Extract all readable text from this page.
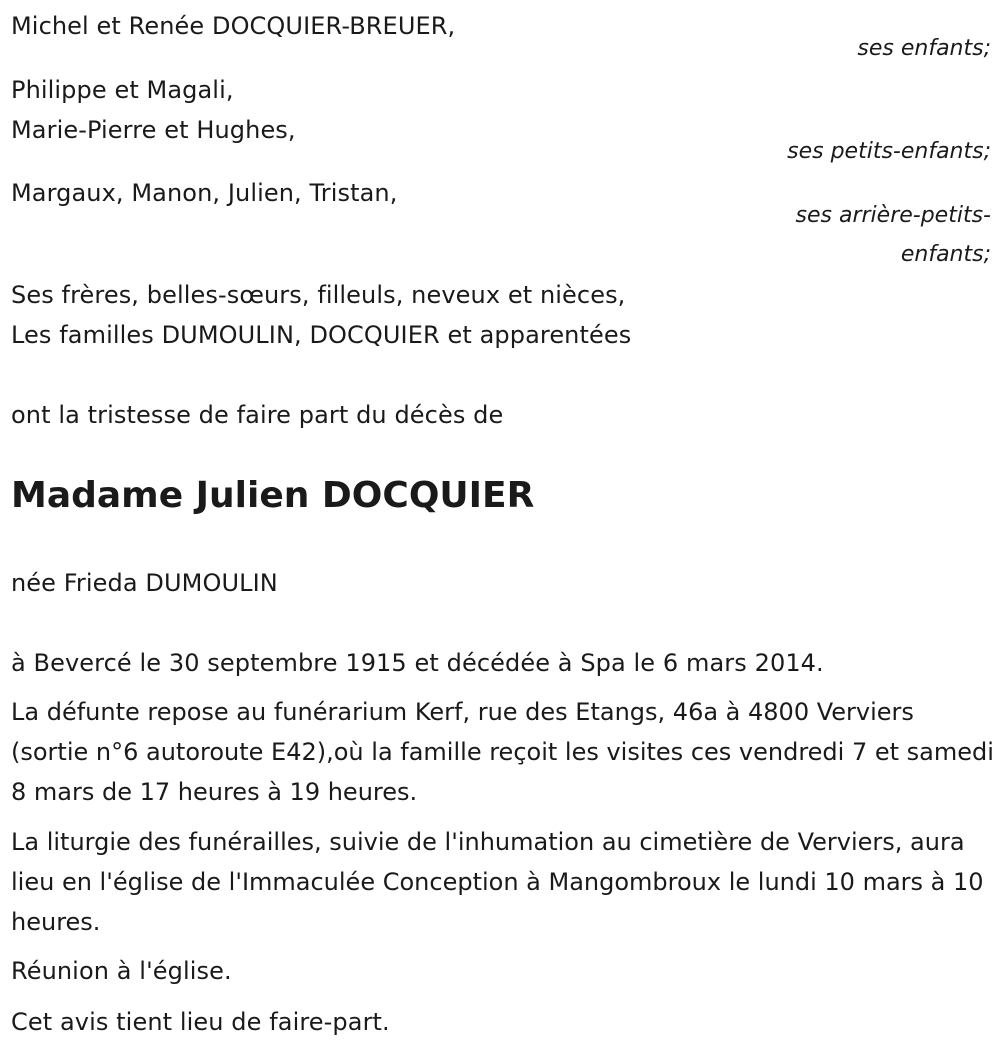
Michel et Renée DOCQUIER-BREUER,
ses enfants;
Philippe et Magali,
Marie-Pierre et Hughes,
ses petits-enfants;
Margaux, Manon, Julien, Tristan,
ses arrière-petits-
enfants;
Ses frères, belles-sœurs, filleuls, neveux et nièces,
Les familles DUMOULIN, DOCQUIER et apparentées
ont la tristesse de faire part du décès de
Madame Julien DOCQUIER
née Frieda DUMOULIN
à Bevercé le 30 septembre 1915 et décédée à Spa le 6 mars 2014.
La défunte repose au funérarium Kerf, rue des Etangs, 46a à 4800 Verviers (sortie n°6 autoroute E42),où la famille reçoit les visites ces vendredi 7 et samedi 8 mars de 17 heures à 19 heures.
La liturgie des funérailles, suivie de l'inhumation au cimetière de Verviers, aura lieu en l'église de l'Immaculée Conception à Mangombroux le lundi 10 mars à 10 heures.
Réunion à l'église.
Cet avis tient lieu de faire-part.
